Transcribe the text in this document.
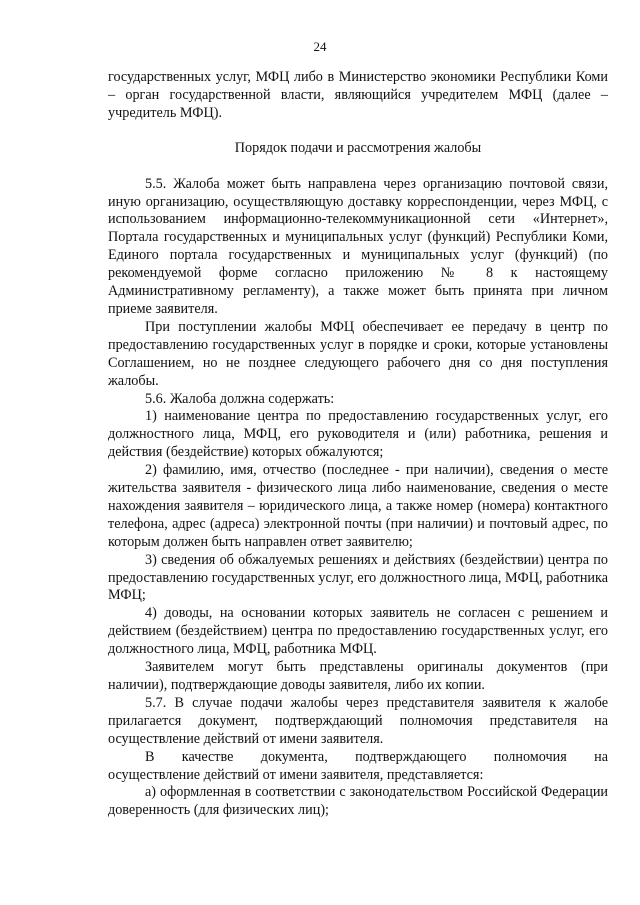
24

государственных услуг, МФЦ либо в Министерство экономики Республики Коми – орган государственной власти, являющийся учредителем МФЦ (далее – учредитель МФЦ).

Порядок подачи и рассмотрения жалобы

5.5. Жалоба может быть направлена через организацию почтовой связи, иную организацию, осуществляющую доставку корреспонденции, через МФЦ, с использованием информационно-телекоммуникационной сети «Интернет», Портала государственных и муниципальных услуг (функций) Республики Коми, Единого портала государственных и муниципальных услуг (функций) (по рекомендуемой форме согласно приложению № 8 к настоящему Административному регламенту), а также может быть принята при личном приеме заявителя.

При поступлении жалобы МФЦ обеспечивает ее передачу в центр по предоставлению государственных услуг в порядке и сроки, которые установлены Соглашением, но не позднее следующего рабочего дня со дня поступления жалобы.

5.6. Жалоба должна содержать:

1) наименование центра по предоставлению государственных услуг, его должностного лица, МФЦ, его руководителя и (или) работника, решения и действия (бездействие) которых обжалуются;

2) фамилию, имя, отчество (последнее - при наличии), сведения о месте жительства заявителя - физического лица либо наименование, сведения о месте нахождения заявителя – юридического лица, а также номер (номера) контактного телефона, адрес (адреса) электронной почты (при наличии) и почтовый адрес, по которым должен быть направлен ответ заявителю;

3) сведения об обжалуемых решениях и действиях (бездействии) центра по предоставлению государственных услуг, его должностного лица, МФЦ, работника МФЦ;

4) доводы, на основании которых заявитель не согласен с решением и действием (бездействием) центра по предоставлению государственных услуг, его должностного лица, МФЦ, работника МФЦ.

Заявителем могут быть представлены оригиналы документов (при наличии), подтверждающие доводы заявителя, либо их копии.

5.7. В случае подачи жалобы через представителя заявителя к жалобе прилагается документ, подтверждающий полномочия представителя на осуществление действий от имени заявителя.

В качестве документа, подтверждающего полномочия на

осуществление действий от имени заявителя, представляется:

а) оформленная в соответствии с законодательством Российской Федерации доверенность (для физических лиц);
